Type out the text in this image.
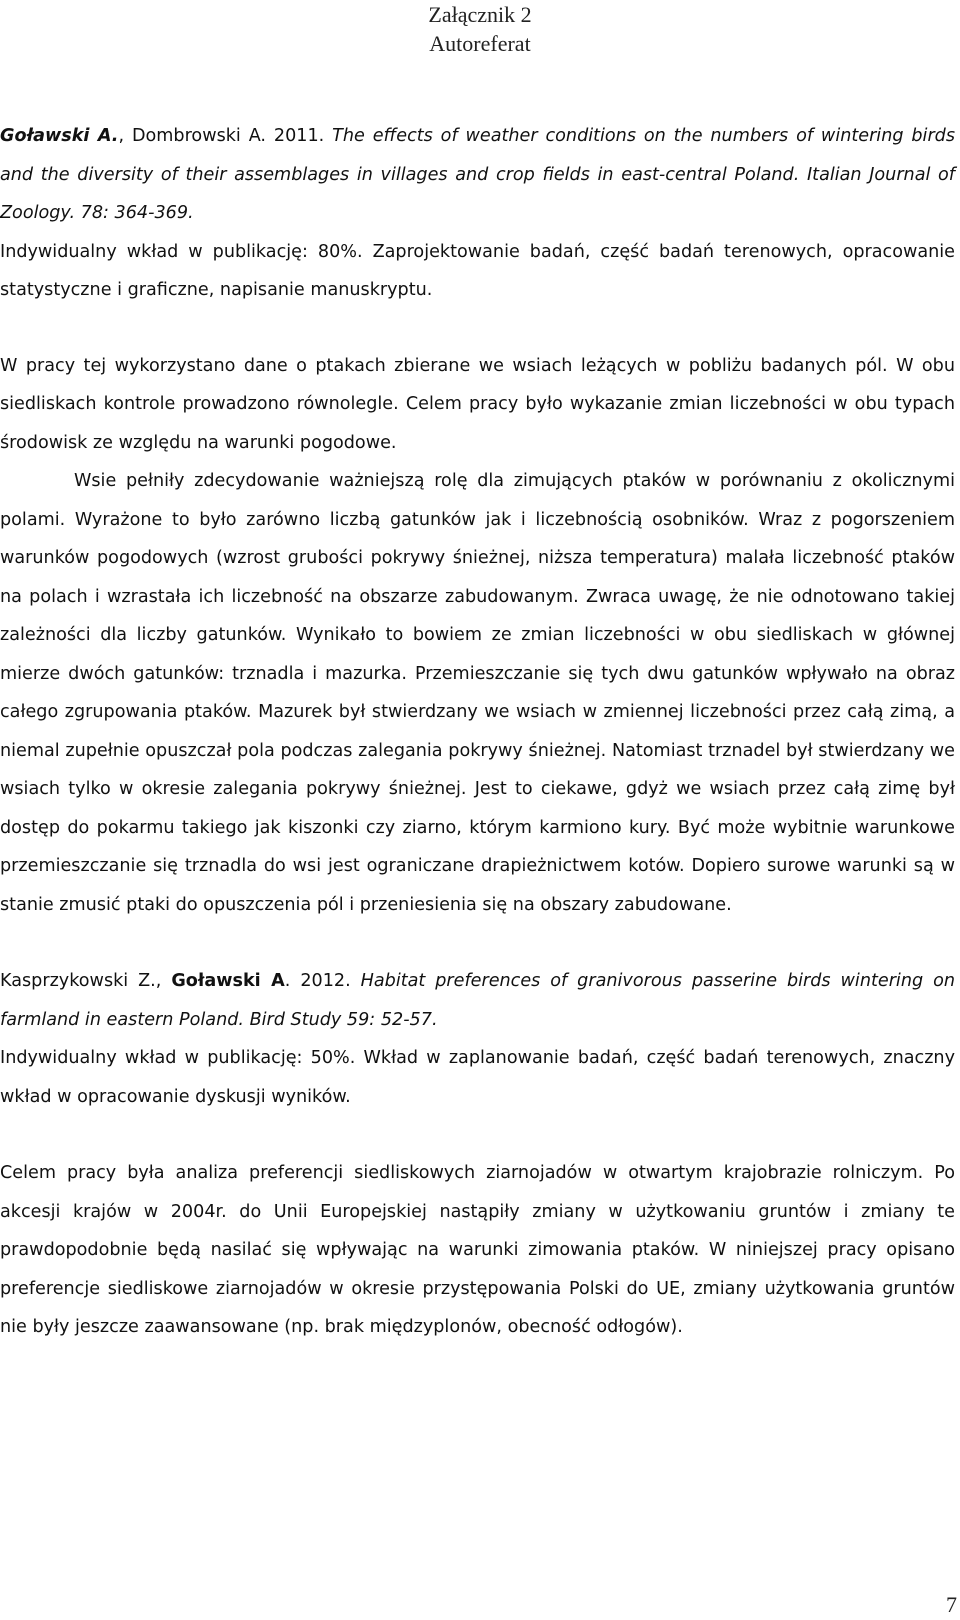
Załącznik 2
Autoreferat

Goławski A., Dombrowski A. 2011. The effects of weather conditions on the numbers of wintering birds and the diversity of their assemblages in villages and crop fields in east-central Poland. Italian Journal of Zoology. 78: 364-369.

Indywidualny wkład w publikację: 80%. Zaprojektowanie badań, część badań terenowych, opracowanie statystyczne i graficzne, napisanie manuskryptu.

W pracy tej wykorzystano dane o ptakach zbierane we wsiach leżących w pobliżu badanych pól. W obu siedliskach kontrole prowadzono równolegle. Celem pracy było wykazanie zmian liczebności w obu typach środowisk ze względu na warunki pogodowe.

Wsie pełniły zdecydowanie ważniejszą rolę dla zimujących ptaków w porównaniu z okolicznymi polami. Wyrażone to było zarówno liczbą gatunków jak i liczebnością osobników. Wraz z pogorszeniem warunków pogodowych (wzrost grubości pokrywy śnieżnej, niższa temperatura) malała liczebność ptaków na polach i wzrastała ich liczebność na obszarze zabudowanym. Zwraca uwagę, że nie odnotowano takiej zależności dla liczby gatunków. Wynikało to bowiem ze zmian liczebności w obu siedliskach w głównej mierze dwóch gatunków: trznadla i mazurka. Przemieszczanie się tych dwu gatunków wpływało na obraz całego zgrupowania ptaków. Mazurek był stwierdzany we wsiach w zmiennej liczebności przez całą zimą, a niemal zupełnie opuszczał pola podczas zalegania pokrywy śnieżnej. Natomiast trznadel był stwierdzany we wsiach tylko w okresie zalegania pokrywy śnieżnej. Jest to ciekawe, gdyż we wsiach przez całą zimę był dostęp do pokarmu takiego jak kiszonki czy ziarno, którym karmiono kury. Być może wybitnie warunkowe przemieszczanie się trznadla do wsi jest ograniczane drapieżnictwem kotów. Dopiero surowe warunki są w stanie zmusić ptaki do opuszczenia pól i przeniesienia się na obszary zabudowane.

Kasprzykowski Z., Goławski A. 2012. Habitat preferences of granivorous passerine birds wintering on farmland in eastern Poland. Bird Study 59: 52-57.

Indywidualny wkład w publikację: 50%. Wkład w zaplanowanie badań, część badań terenowych, znaczny wkład w opracowanie dyskusji wyników.

Celem pracy była analiza preferencji siedliskowych ziarnojadów w otwartym krajobrazie rolniczym. Po akcesji krajów w 2004r. do Unii Europejskiej nastąpiły zmiany w użytkowaniu gruntów i zmiany te prawdopodobnie będą nasilać się wpływając na warunki zimowania ptaków. W niniejszej pracy opisano preferencje siedliskowe ziarnojadów w okresie przystępowania Polski do UE, zmiany użytkowania gruntów nie były jeszcze zaawansowane (np. brak międzyplonów, obecność odłogów).

7
